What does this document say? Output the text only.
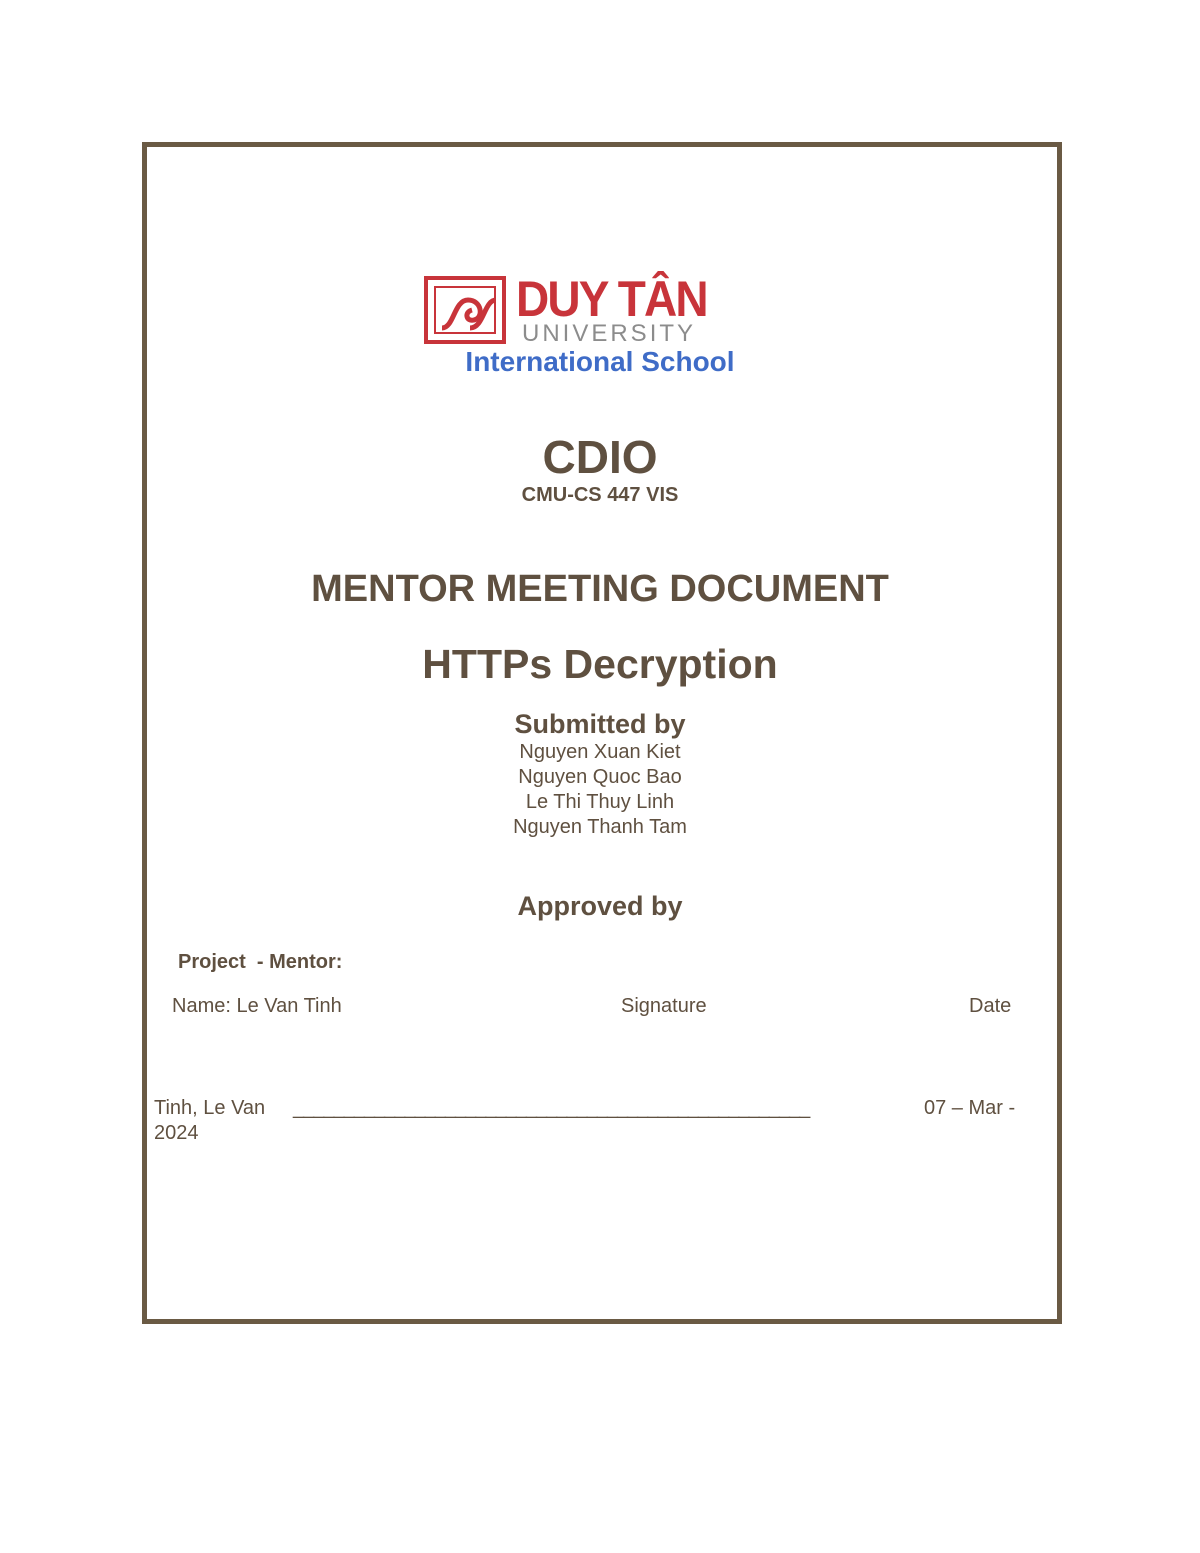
DUY TÂN
UNIVERSITY
International School
CDIO
CMU-CS 447 VIS
MENTOR MEETING DOCUMENT
HTTPs Decryption
Submitted by
Nguyen Xuan Kiet
Nguyen Quoc Bao
Le Thi Thuy Linh
Nguyen Thanh Tam
Approved by
Project  - Mentor:
Name: Le Van Tinh	Signature	Date
Tinh, Le Van ___________________________________________________	07 – Mar -
2024
